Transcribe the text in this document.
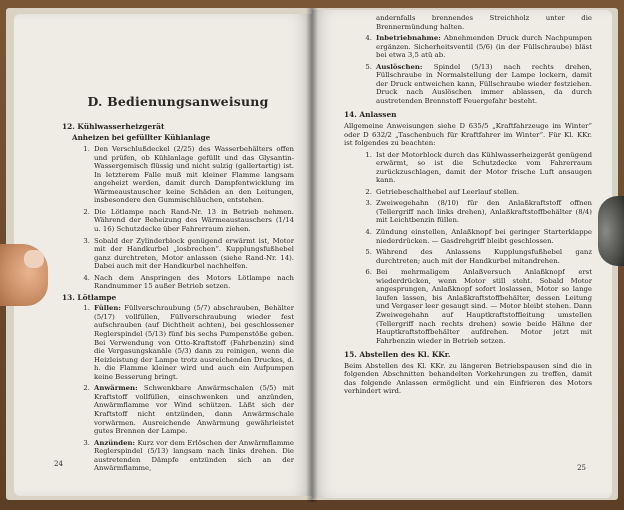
D. Bedienungsanweisung
12. Kühlwasserheizgerät
Anheizen bei gefüllter Kühlanlage
1. Den Verschlußdeckel (2/25) des Wasserbehälters offen und prüfen, ob Kühlanlage gefüllt und das Glysantin-Wassergemisch flüssig und nicht sulzig (gallertartig) ist. In letzterem Falle muß mit kleiner Flamme langsam angeheizt werden, damit durch Dampfentwicklung im Wärmeaustauscher keine Schäden an den Leitungen, insbesondere den Gummischläuchen, entstehen.
2. Die Lötlampe nach Rand-Nr. 13 in Betrieb nehmen. Während der Beheizung des Wärmeaustauschers (1/14 u. 16) Schutzdecke über Fahrerraum ziehen.
3. Sobald der Zylinderblock genügend erwärmt ist, Motor mit der Handkurbel „losbrechen“. Kupplungsfußhebel ganz durchtreten, Motor anlassen (siehe Rand-Nr. 14). Dabei auch mit der Handkurbel nachhelfen.
4. Nach dem Anspringen des Motors Lötlampe nach Randnummer 15 außer Betrieb setzen.
13. Lötlampe
1. Füllen: Füllverschraubung (5/7) abschrauben, Behälter (5/17) vollfüllen, Füllverschraubung wieder fest aufschrauben (auf Dichtheit achten), bei geschlossener Reglerspindel (5/13) fünf bis sechs Pumpenstöße geben. Bei Verwendung von Otto-Kraftstoff (Fahrbenzin) sind die Vergasungskanäle (5/3) dann zu reinigen, wenn die Heizleistung der Lampe trotz ausreichenden Druckes, d. h. die Flamme kleiner wird und auch ein Aufpumpen keine Besserung bringt.
2. Anwärmen: Schwenkbare Anwärmschalen (5/5) mit Kraftstoff vollfüllen, einschwenken und anzünden, Anwärmflamme vor Wind schützen. Läßt sich der Kraftstoff nicht entzünden, dann Anwärmschale vorwärmen. Ausreichende Anwärmung gewährleistet gutes Brennen der Lampe.
3. Anzünden: Kurz vor dem Erlöschen der Anwärmflamme Reglerspindel (5/13) langsam nach links drehen. Die austretenden Dämpfe entzünden sich an der Anwärmflamme,
24
andernfalls brennendes Streichholz unter die Brennermündung halten.
4. Inbetriebnahme: Abnehmenden Druck durch Nachpumpen ergänzen. Sicherheitsventil (5/6) (in der Füllschraube) bläst bei etwa 3,5 atü ab.
5. Auslöschen: Spindel (5/13) nach rechts drehen, Füllschraube in Normalstellung der Lampe lockern, damit der Druck entweichen kann, Füllschraube wieder festziehen. Druck nach Auslöschen immer ablassen, da durch austretenden Brennstoff Feuergefahr besteht.
14. Anlassen
Allgemeine Anweisungen siehe D 635/5 „Kraftfahrzeuge im Winter“ oder D 632/2 „Taschenbuch für Kraftfahrer im Winter“. Für Kl. KKr. ist folgendes zu beachten:
1. Ist der Motorblock durch das Kühlwasserheizgerät genügend erwärmt, so ist die Schutzdecke vom Fahrerraum zurückzuschlagen, damit der Motor frische Luft ansaugen kann.
2. Getriebeschalthebel auf Leerlauf stellen.
3. Zweiwegehahn (8/10) für den Anlaßkraftstoff offnen (Tellergriff nach links drehen), Anlaßkraftstoffbehälter (8/4) mit Leichtbenzin füllen.
4. Zündung einstellen, Anlaßknopf bei geringer Starterklappe niederdrücken. — Gasdrehgriff bleibt geschlossen.
5. Während des Anlassens Kupplungsfußhebel ganz durchtreten; auch mit der Handkurbel mitandrehen.
6. Bei mehrmaligem Anlaßversuch Anlaßknopf erst wiederdrücken, wenn Motor still steht. Sobald Motor angesprungen, Anlaßknopf sofort loslassen, Motor so lange laufen lassen, bis Anlaßkraftstoffbehälter, dessen Leitung und Vergaser leer gesaugt sind. — Motor bleibt stehen. Dann Zweiwegehahn auf Hauptkraftstoffleitung umstellen (Tellergriff nach rechts drehen) sowie beide Hähne der Hauptkraftstoffbehälter aufdrehen. Motor jetzt mit Fahrbenzin wieder in Betrieb setzen.
15. Abstellen des Kl. KKr.
Beim Abstellen des Kl. KKr. zu längeren Betriebspausen sind die in folgenden Abschnitten behandelten Vorkehrungen zu treffen, damit das folgende Anlassen ermöglicht und ein Einfrieren des Motors verhindert wird.
25
